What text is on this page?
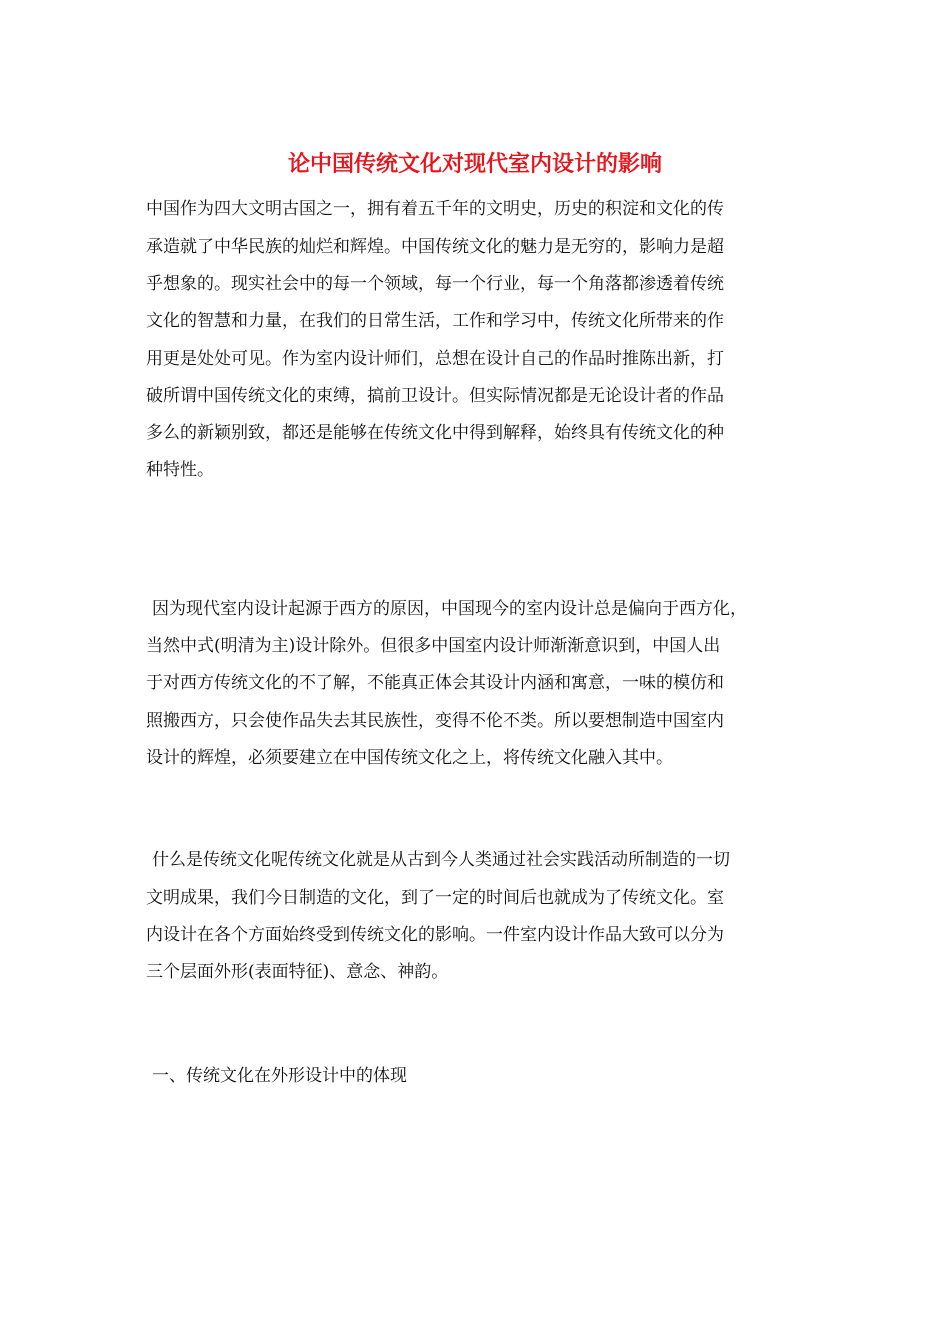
论中国传统文化对现代室内设计的影响
中国作为四大文明古国之一，拥有着五千年的文明史，历史的积淀和文化的传
承造就了中华民族的灿烂和辉煌。中国传统文化的魅力是无穷的，影响力是超
乎想象的。现实社会中的每一个领域，每一个行业，每一个角落都渗透着传统
文化的智慧和力量，在我们的日常生活，工作和学习中，传统文化所带来的作
用更是处处可见。作为室内设计师们，总想在设计自己的作品时推陈出新，打
破所谓中国传统文化的束缚，搞前卫设计。但实际情况都是无论设计者的作品
多么的新颖别致，都还是能够在传统文化中得到解释，始终具有传统文化的种
种特性。
因为现代室内设计起源于西方的原因，中国现今的室内设计总是偏向于西方化，
当然中式(明清为主)设计除外。但很多中国室内设计师渐渐意识到，中国人出
于对西方传统文化的不了解，不能真正体会其设计内涵和寓意，一味的模仿和
照搬西方，只会使作品失去其民族性，变得不伦不类。所以要想制造中国室内
设计的辉煌，必须要建立在中国传统文化之上，将传统文化融入其中。
什么是传统文化呢传统文化就是从古到今人类通过社会实践活动所制造的一切
文明成果，我们今日制造的文化，到了一定的时间后也就成为了传统文化。室
内设计在各个方面始终受到传统文化的影响。一件室内设计作品大致可以分为
三个层面外形(表面特征)、意念、神韵。
一、传统文化在外形设计中的体现
